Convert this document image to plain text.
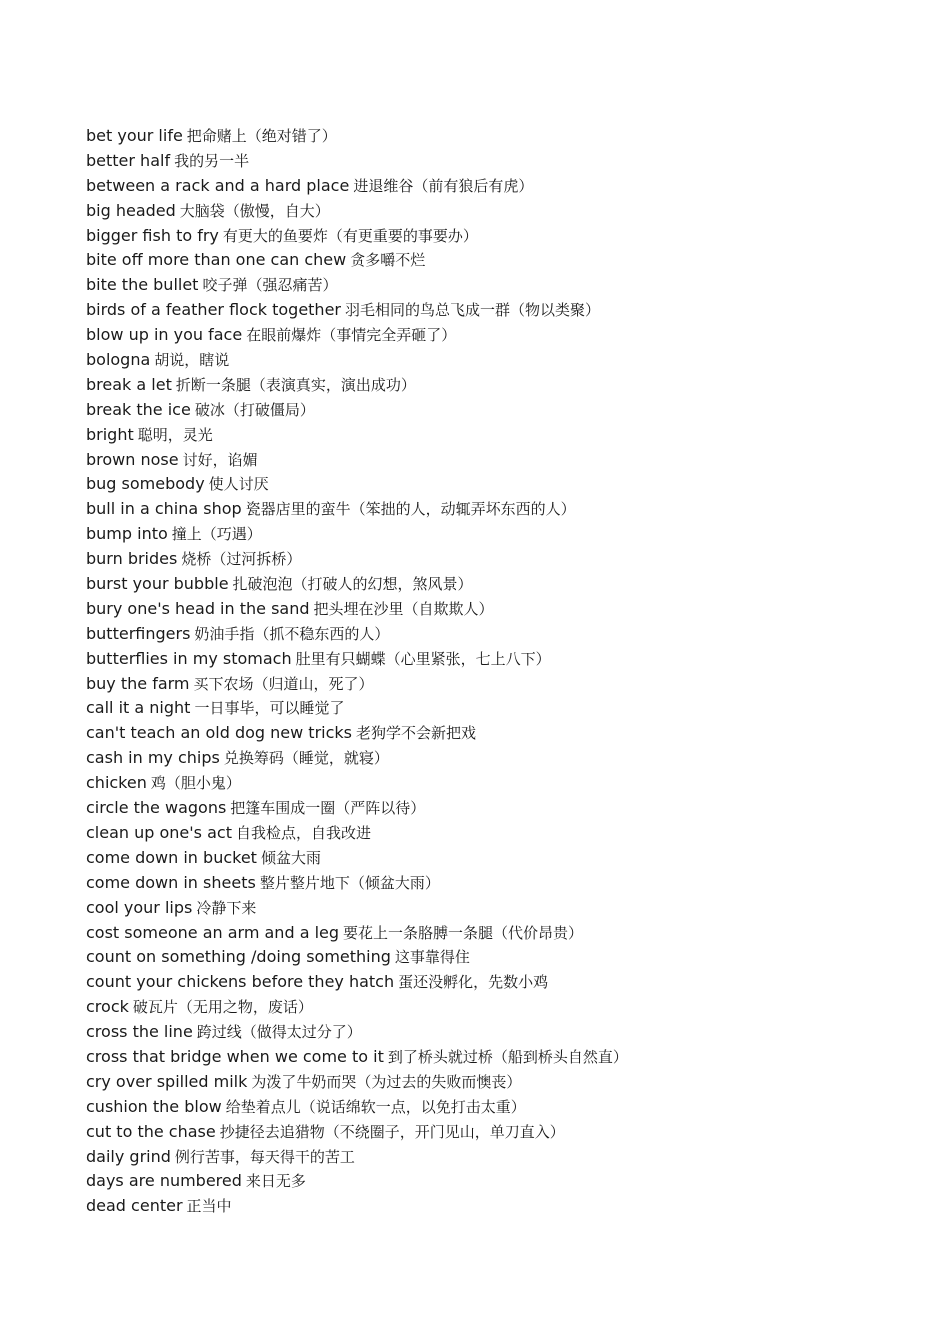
bet your life 把命赌上（绝对错了）
better half 我的另一半
between a rack and a hard place 进退维谷（前有狼后有虎）
big headed 大脑袋（傲慢，自大）
bigger fish to fry 有更大的鱼要炸（有更重要的事要办）
bite off more than one can chew 贪多嚼不烂
bite the bullet 咬子弹（强忍痛苦）
birds of a feather flock together 羽毛相同的鸟总飞成一群（物以类聚）
blow up in you face 在眼前爆炸（事情完全弄砸了）
bologna 胡说，瞎说
break a let 折断一条腿（表演真实，演出成功）
break the ice 破冰（打破僵局）
bright 聪明，灵光
brown nose 讨好，谄媚
bug somebody 使人讨厌
bull in a china shop 瓷器店里的蛮牛（笨拙的人，动辄弄坏东西的人）
bump into 撞上（巧遇）
burn brides 烧桥（过河拆桥）
burst your bubble 扎破泡泡（打破人的幻想，煞风景）
bury one's head in the sand 把头埋在沙里（自欺欺人）
butterfingers 奶油手指（抓不稳东西的人）
butterflies in my stomach 肚里有只蝴蝶（心里紧张，七上八下）
buy the farm 买下农场（归道山，死了）
call it a night 一日事毕，可以睡觉了
can't teach an old dog new tricks 老狗学不会新把戏
cash in my chips 兑换筹码（睡觉，就寝）
chicken 鸡（胆小鬼）
circle the wagons 把篷车围成一圈（严阵以待）
clean up one's act 自我检点，自我改进
come down in bucket 倾盆大雨
come down in sheets 整片整片地下（倾盆大雨）
cool your lips 冷静下来
cost someone an arm and a leg 要花上一条胳膊一条腿（代价昂贵）
count on something /doing something 这事靠得住
count your chickens before they hatch 蛋还没孵化，先数小鸡
crock 破瓦片（无用之物，废话）
cross the line 跨过线（做得太过分了）
cross that bridge when we come to it 到了桥头就过桥（船到桥头自然直）
cry over spilled milk 为泼了牛奶而哭（为过去的失败而懊丧）
cushion the blow 给垫着点儿（说话绵软一点，以免打击太重）
cut to the chase 抄捷径去追猎物（不绕圈子，开门见山，单刀直入）
daily grind 例行苦事，每天得干的苦工
days are numbered 来日无多
dead center 正当中
